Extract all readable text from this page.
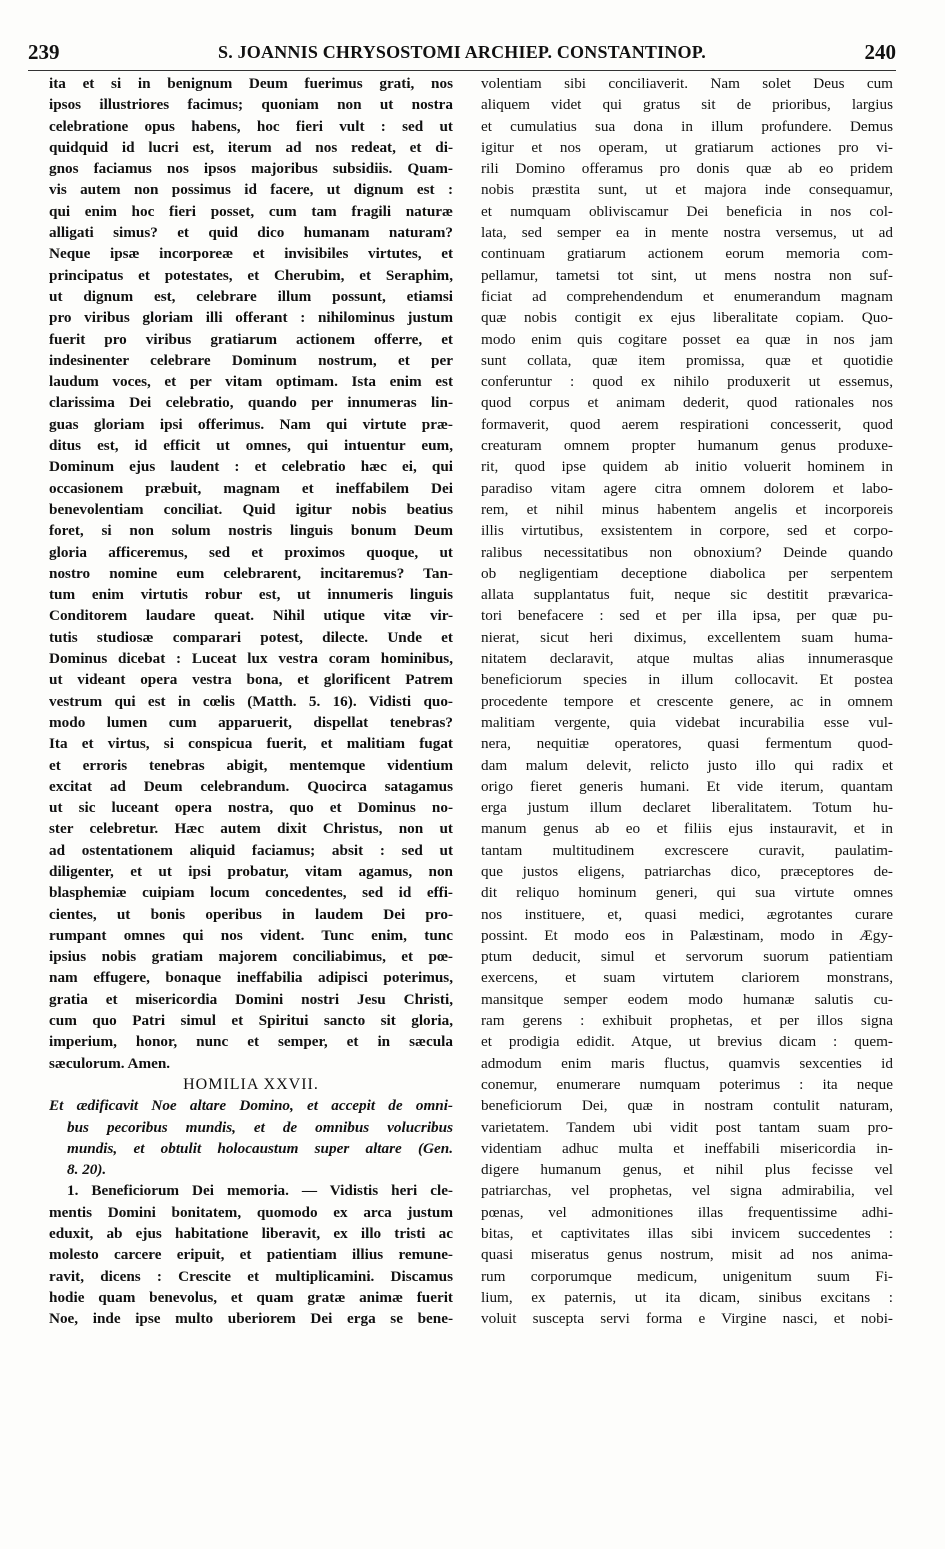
239	S. JOANNIS CHRYSOSTOMI ARCHIEP. CONSTANTINOP.	240
ita et si in benignum Deum fuerimus grati, nos
ipsos illustriores facimus; quoniam non ut nostra
celebratione opus habens, hoc fieri vult : sed ut
quidquid id lucri est, iterum ad nos redeat, et di-
gnos faciamus nos ipsos majoribus subsidiis. Quam-
vis autem non possimus id facere, ut dignum est :
qui enim hoc fieri posset, cum tam fragili naturæ
alligati simus? et quid dico humanam naturam?
Neque ipsæ incorporeæ et invisibiles virtutes, et
principatus et potestates, et Cherubim, et Seraphim,
ut dignum est, celebrare illum possunt, etiamsi
pro viribus gloriam illi offerant : nihilominus justum
fuerit pro viribus gratiarum actionem offerre, et
indesinenter celebrare Dominum nostrum, et per
laudum voces, et per vitam optimam. Ista enim est
clarissima Dei celebratio, quando per innumeras lin-
guas gloriam ipsi offerimus. Nam qui virtute præ-
ditus est, id efficit ut omnes, qui intuentur eum,
Dominum ejus laudent : et celebratio hæc ei, qui
occasionem præbuit, magnam et ineffabilem Dei
benevolentiam conciliat. Quid igitur nobis beatius
foret, si non solum nostris linguis bonum Deum
gloria afficeremus, sed et proximos quoque, ut
nostro nomine eum celebrarent, incitaremus? Tan-
tum enim virtutis robur est, ut innumeris linguis
Conditorem laudare queat. Nihil utique vitæ vir-
tutis studiosæ comparari potest, dilecte. Unde et
Dominus dicebat : Luceat lux vestra coram hominibus,
ut videant opera vestra bona, et glorificent Patrem
vestrum qui est in cœlis (Matth. 5. 16). Vidisti quo-
modo lumen cum apparuerit, dispellat tenebras?
Ita et virtus, si conspicua fuerit, et malitiam fugat
et erroris tenebras abigit, mentemque videntium
excitat ad Deum celebrandum. Quocirca satagamus
ut sic luceant opera nostra, quo et Dominus no-
ster celebretur. Hæc autem dixit Christus, non ut
ad ostentationem aliquid faciamus; absit : sed ut
diligenter, et ut ipsi probatur, vitam agamus, non
blasphemiæ cuipiam locum concedentes, sed id effi-
cientes, ut bonis operibus in laudem Dei pro-
rumpant omnes qui nos vident. Tunc enim, tunc
ipsius nobis gratiam majorem conciliabimus, et pœ-
nam effugere, bonaque ineffabilia adipisci poterimus,
gratia et misericordia Domini nostri Jesu Christi,
cum quo Patri simul et Spiritui sancto sit gloria,
imperium, honor, nunc et semper, et in sæcula
sæculorum. Amen.
HOMILIA XXVII.
Et ædificavit Noe altare Domino, et accepit de omni-
bus pecoribus mundis, et de omnibus volucribus
mundis, et obtulit holocaustum super altare (Gen.
8. 20).
1. Beneficiorum Dei memoria. — Vidistis heri cle-
mentis Domini bonitatem, quomodo ex arca justum
eduxit, ab ejus habitatione liberavit, ex illo tristi ac
molesto carcere eripuit, et patientiam illius remune-
ravit, dicens : Crescite et multiplicamini. Discamus
hodie quam benevolus, et quam gratæ animæ fuerit
Noe, inde ipse multo uberiorem Dei erga se bene-
volentiam sibi conciliaverit. Nam solet Deus cum
aliquem videt qui gratus sit de prioribus, largius
et cumulatius sua dona in illum profundere. Demus
igitur et nos operam, ut gratiarum actiones pro vi-
rili Domino offeramus pro donis quæ ab eo pridem
nobis præstita sunt, ut et majora inde consequamur,
et numquam obliviscamur Dei beneficia in nos col-
lata, sed semper ea in mente nostra versemus, ut ad
continuam gratiarum actionem eorum memoria com-
pellamur, tametsi tot sint, ut mens nostra non suf-
ficiat ad comprehendendum et enumerandum magnam
quæ nobis contigit ex ejus liberalitate copiam. Quo-
modo enim quis cogitare posset ea quæ in nos jam
sunt collata, quæ item promissa, quæ et quotidie
conferuntur : quod ex nihilo produxerit ut essemus,
quod corpus et animam dederit, quod rationales nos
formaverit, quod aerem respirationi concesserit, quod
creaturam omnem propter humanum genus produxe-
rit, quod ipse quidem ab initio voluerit hominem in
paradiso vitam agere citra omnem dolorem et labo-
rem, et nihil minus habentem angelis et incorporeis
illis virtutibus, exsistentem in corpore, sed et corpo-
ralibus necessitatibus non obnoxium? Deinde quando
ob negligentiam deceptione diabolica per serpentem
allata supplantatus fuit, neque sic destitit prævarica-
tori benefacere : sed et per illa ipsa, per quæ pu-
nierat, sicut heri diximus, excellentem suam huma-
nitatem declaravit, atque multas alias innumerasque
beneficiorum species in illum collocavit. Et postea
procedente tempore et crescente genere, ac in omnem
malitiam vergente, quia videbat incurabilia esse vul-
nera, nequitiæ operatores, quasi fermentum quod-
dam malum delevit, relicto justo illo qui radix et
origo fieret generis humani. Et vide iterum, quantam
erga justum illum declaret liberalitatem. Totum hu-
manum genus ab eo et filiis ejus instauravit, et in
tantam multitudinem excrescere curavit, paulatim-
que justos eligens, patriarchas dico, præceptores de-
dit reliquo hominum generi, qui sua virtute omnes
nos instituere, et, quasi medici, ægrotantes curare
possint. Et modo eos in Palæstinam, modo in Ægy-
ptum deducit, simul et servorum suorum patientiam
exercens, et suam virtutem clariorem monstrans,
mansitque semper eodem modo humanæ salutis cu-
ram gerens : exhibuit prophetas, et per illos signa
et prodigia edidit. Atque, ut brevius dicam : quem-
admodum enim maris fluctus, quamvis sexcenties id
conemur, enumerare numquam poterimus : ita neque
beneficiorum Dei, quæ in nostram contulit naturam,
varietatem. Tandem ubi vidit post tantam suam pro-
videntiam adhuc multa et ineffabili misericordia in-
digere humanum genus, et nihil plus fecisse vel
patriarchas, vel prophetas, vel signa admirabilia, vel
pœnas, vel admonitiones illas frequentissime adhi-
bitas, et captivitates illas sibi invicem succedentes :
quasi miseratus genus nostrum, misit ad nos anima-
rum corporumque medicum, unigenitum suum Fi-
lium, ex paternis, ut ita dicam, sinibus excitans :
voluit suscepta servi forma e Virgine nasci, et nobi-
